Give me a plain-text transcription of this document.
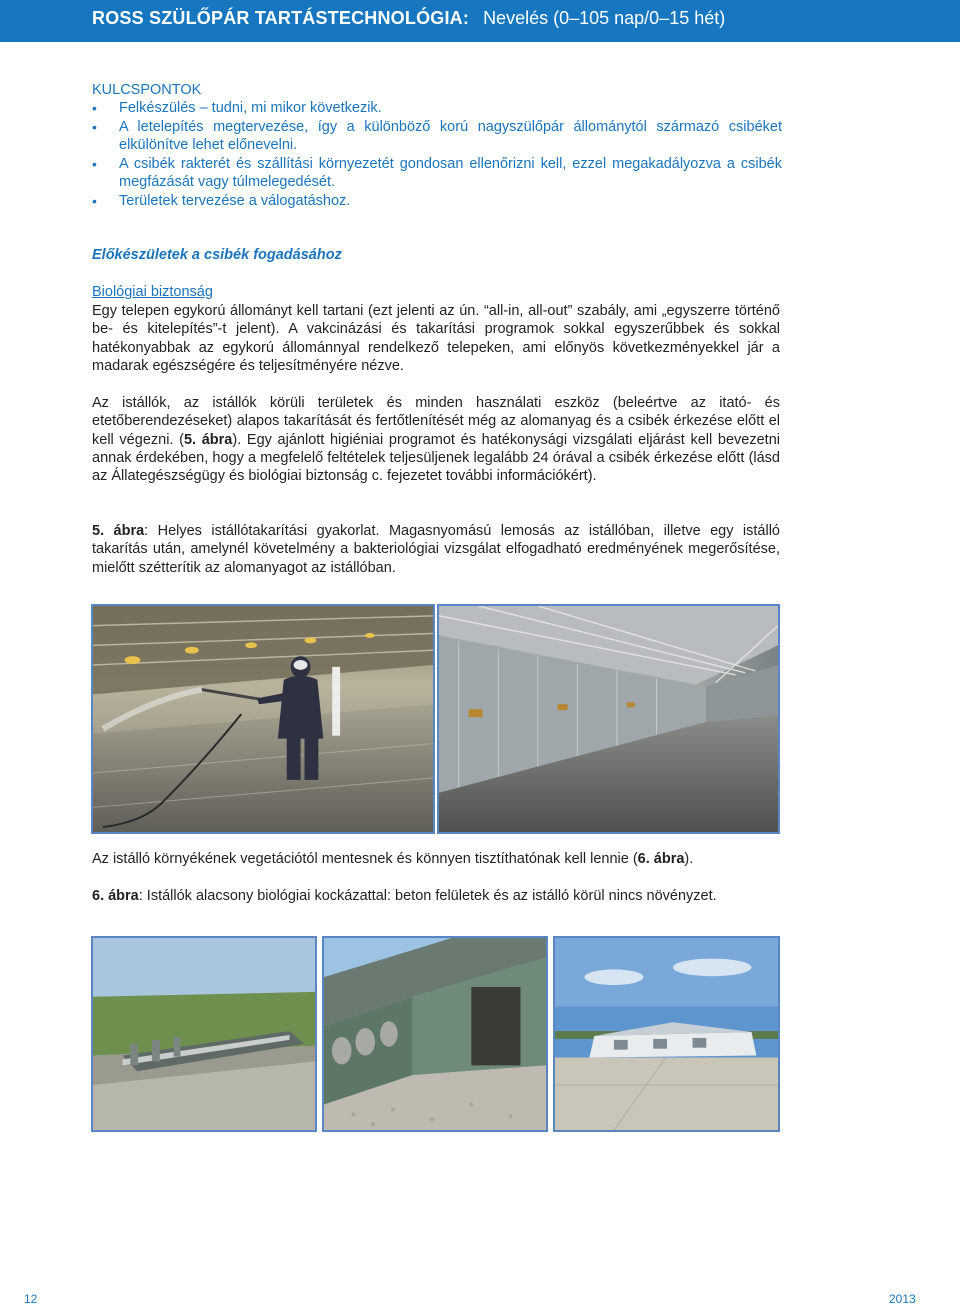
ROSS SZÜLŐPÁR TARTÁSTECHNOLÓGIA: Nevelés (0–105 nap/0–15 hét)
KULCSPONTOK
• Felkészülés – tudni, mi mikor következik.
• A letelepítés megtervezése, így a különböző korú nagyszülőpár állománytól származó csibéket elkülönítve lehet előnevelni.
• A csibék rakterét és szállítási környezetét gondosan ellenőrizni kell, ezzel megakadályozva a csibék megfázását vagy túlmelegedését.
• Területek tervezése a válogatáshoz.
Előkészületek a csibék fogadásához
Biológiai biztonság

Egy telepen egykorú állományt kell tartani (ezt jelenti az ún. “all-in, all-out” szabály, ami „egyszerre történő be- és kitelepítés”-t jelent). A vakcinázási és takarítási programok sokkal egyszerűbbek és sokkal hatékonyabbak az egykorú állománnyal rendelkező telepeken, ami előnyös következményekkel jár a madarak egészségére és teljesítményére nézve.

Az istállók, az istállók körüli területek és minden használati eszköz (beleértve az itató- és etetőberendezéseket) alapos takarítását és fertőtlenítését még az alomanyag és a csibék érkezése előtt el kell végezni. (5. ábra). Egy ajánlott higiéniai programot és hatékonysági vizsgálati eljárást kell bevezetni annak érdekében, hogy a megfelelő feltételek teljesüljenek legalább 24 órával a csibék érkezése előtt (lásd az Állategészségügy és biológiai biztonság c. fejezetet további információkért).

5. ábra: Helyes istállótakarítási gyakorlat. Magasnyomású lemosás az istállóban, illetve egy istálló takarítás után, amelynél követelmény a bakteriológiai vizsgálat elfogadható eredményének megerősítése, mielőtt szétterítik az alomanyagot az istállóban.

Az istálló környékének vegetációtól mentesnek és könnyen tisztíthatónak kell lennie (6. ábra).

6. ábra: Istállók alacsony biológiai kockázattal: beton felületek és az istálló körül nincs növényzet.

12	2013
